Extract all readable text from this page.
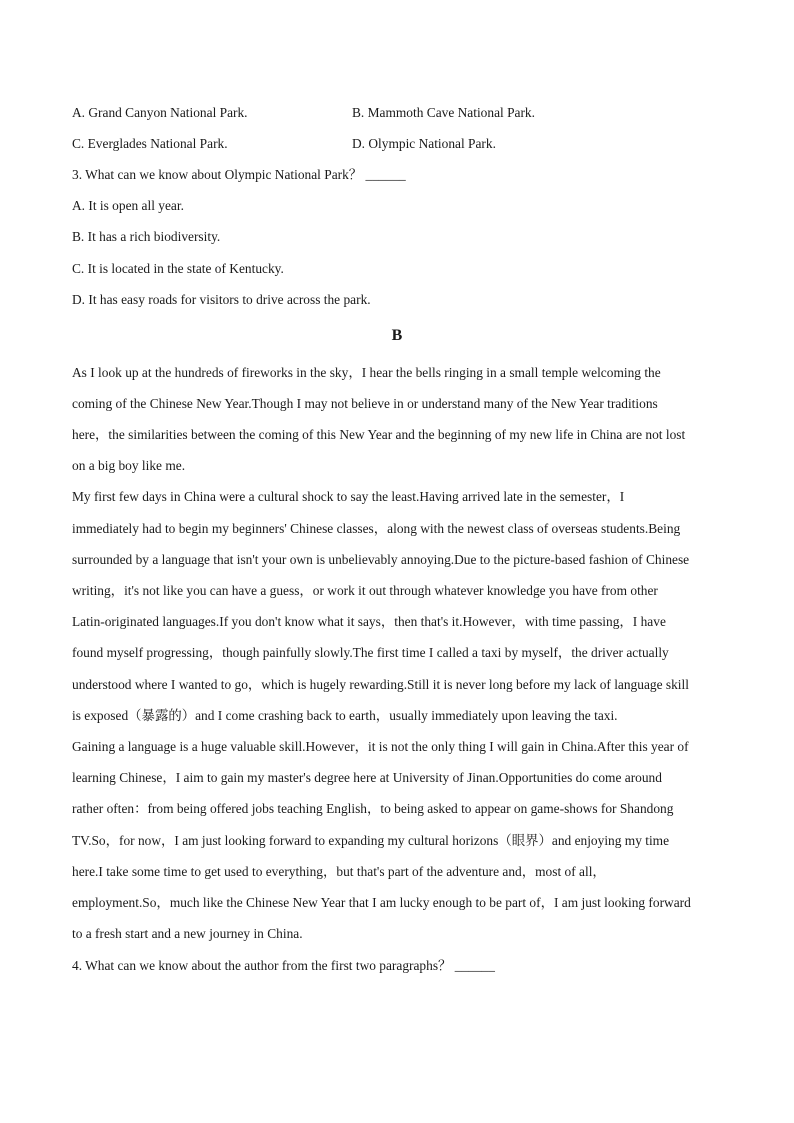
A. Grand Canyon National Park.	B. Mammoth Cave National Park.
C. Everglades National Park.	D. Olympic National Park.
3. What can we know about Olympic National Park？ ______
A. It is open all year.
B. It has a rich biodiversity.
C. It is located in the state of Kentucky.
D. It has easy roads for visitors to drive across the park.
B
As I look up at the hundreds of fireworks in the sky，I hear the bells ringing in a small temple welcoming the
coming of the Chinese New Year.Though I may not believe in or understand many of the New Year traditions
here，the similarities between the coming of this New Year and the beginning of my new life in China are not lost
on a big boy like me.
My first few days in China were a cultural shock to say the least.Having arrived late in the semester，I
immediately had to begin my beginners' Chinese classes，along with the newest class of overseas students.Being
surrounded by a language that isn't your own is unbelievably annoying.Due to the picture-based fashion of Chinese
writing，it's not like you can have a guess，or work it out through whatever knowledge you have from other
Latin-originated languages.If you don't know what it says，then that's it.However，with time passing，I have
found myself progressing，though painfully slowly.The first time I called a taxi by myself，the driver actually
understood where I wanted to go，which is hugely rewarding.Still it is never long before my lack of language skill
is exposed（暴露的）and I come crashing back to earth，usually immediately upon leaving the taxi.
Gaining a language is a huge valuable skill.However，it is not the only thing I will gain in China.After this year of
learning Chinese，I aim to gain my master's degree here at University of Jinan.Opportunities do come around
rather often：from being offered jobs teaching English，to being asked to appear on game-shows for Shandong
TV.So，for now，I am just looking forward to expanding my cultural horizons（眼界）and enjoying my time
here.I take some time to get used to everything，but that's part of the adventure and，most of all，
employment.So，much like the Chinese New Year that I am lucky enough to be part of，I am just looking forward
to a fresh start and a new journey in China.
4. What can we know about the author from the first two paragraphs？ ______
